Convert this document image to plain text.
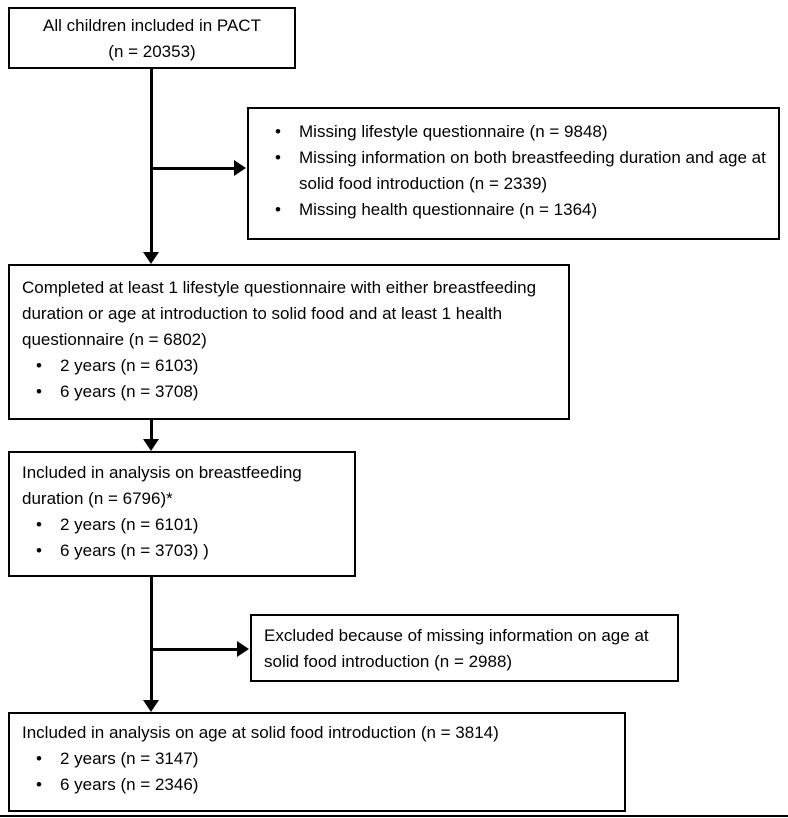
All children included in PACT
(n = 20353)
•	Missing lifestyle questionnaire (n = 9848)
•	Missing information on both breastfeeding duration and age at solid food introduction (n = 2339)
•	Missing health questionnaire (n = 1364)
Completed at least 1 lifestyle questionnaire with either breastfeeding duration or age at introduction to solid food and at least 1 health questionnaire (n = 6802)
•	2 years (n = 6103)
•	6 years (n = 3708)
Included in analysis on breastfeeding duration (n = 6796)*
•	2 years (n = 6101)
•	6 years (n = 3703) )
Excluded because of missing information on age at solid food introduction (n = 2988)
Included in analysis on age at solid food introduction (n = 3814)
•	2 years (n = 3147)
•	6 years (n = 2346)
